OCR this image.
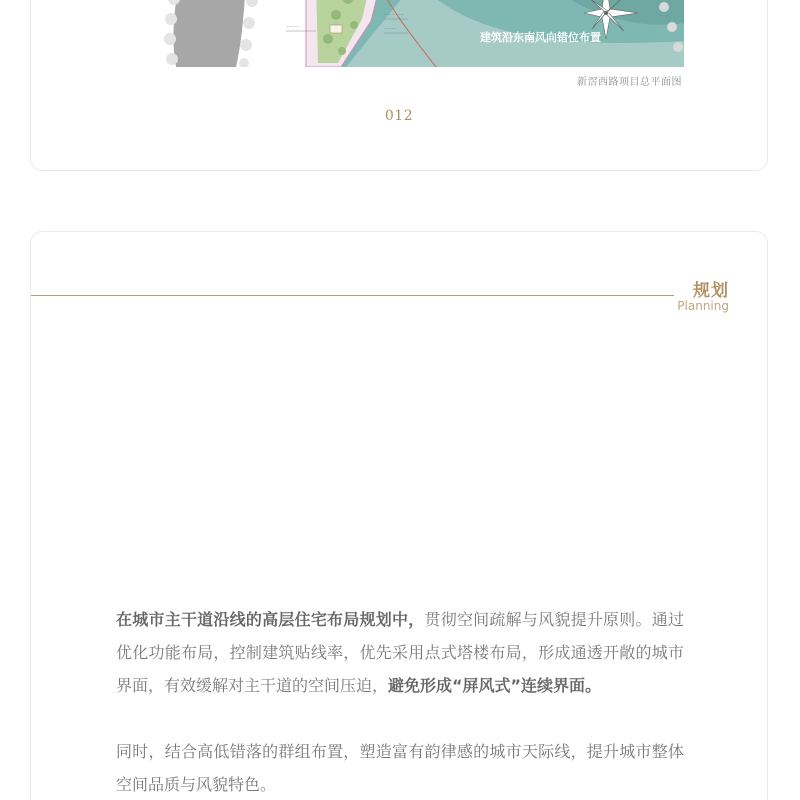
··········
················
··········
建筑沿东南风向错位布置
新滘西路项目总平面图
012
规划
Planning

在城市主干道沿线的高层住宅布局规划中，贯彻空间疏解与风貌提升原则。通过优化功能布局，控制建筑贴线率，优先采用点式塔楼布局，形成通透开敞的城市界面，有效缓解对主干道的空间压迫，避免形成“屏风式”连续界面。

同时，结合高低错落的群组布置，塑造富有韵律感的城市天际线，提升城市整体空间品质与风貌特色。
